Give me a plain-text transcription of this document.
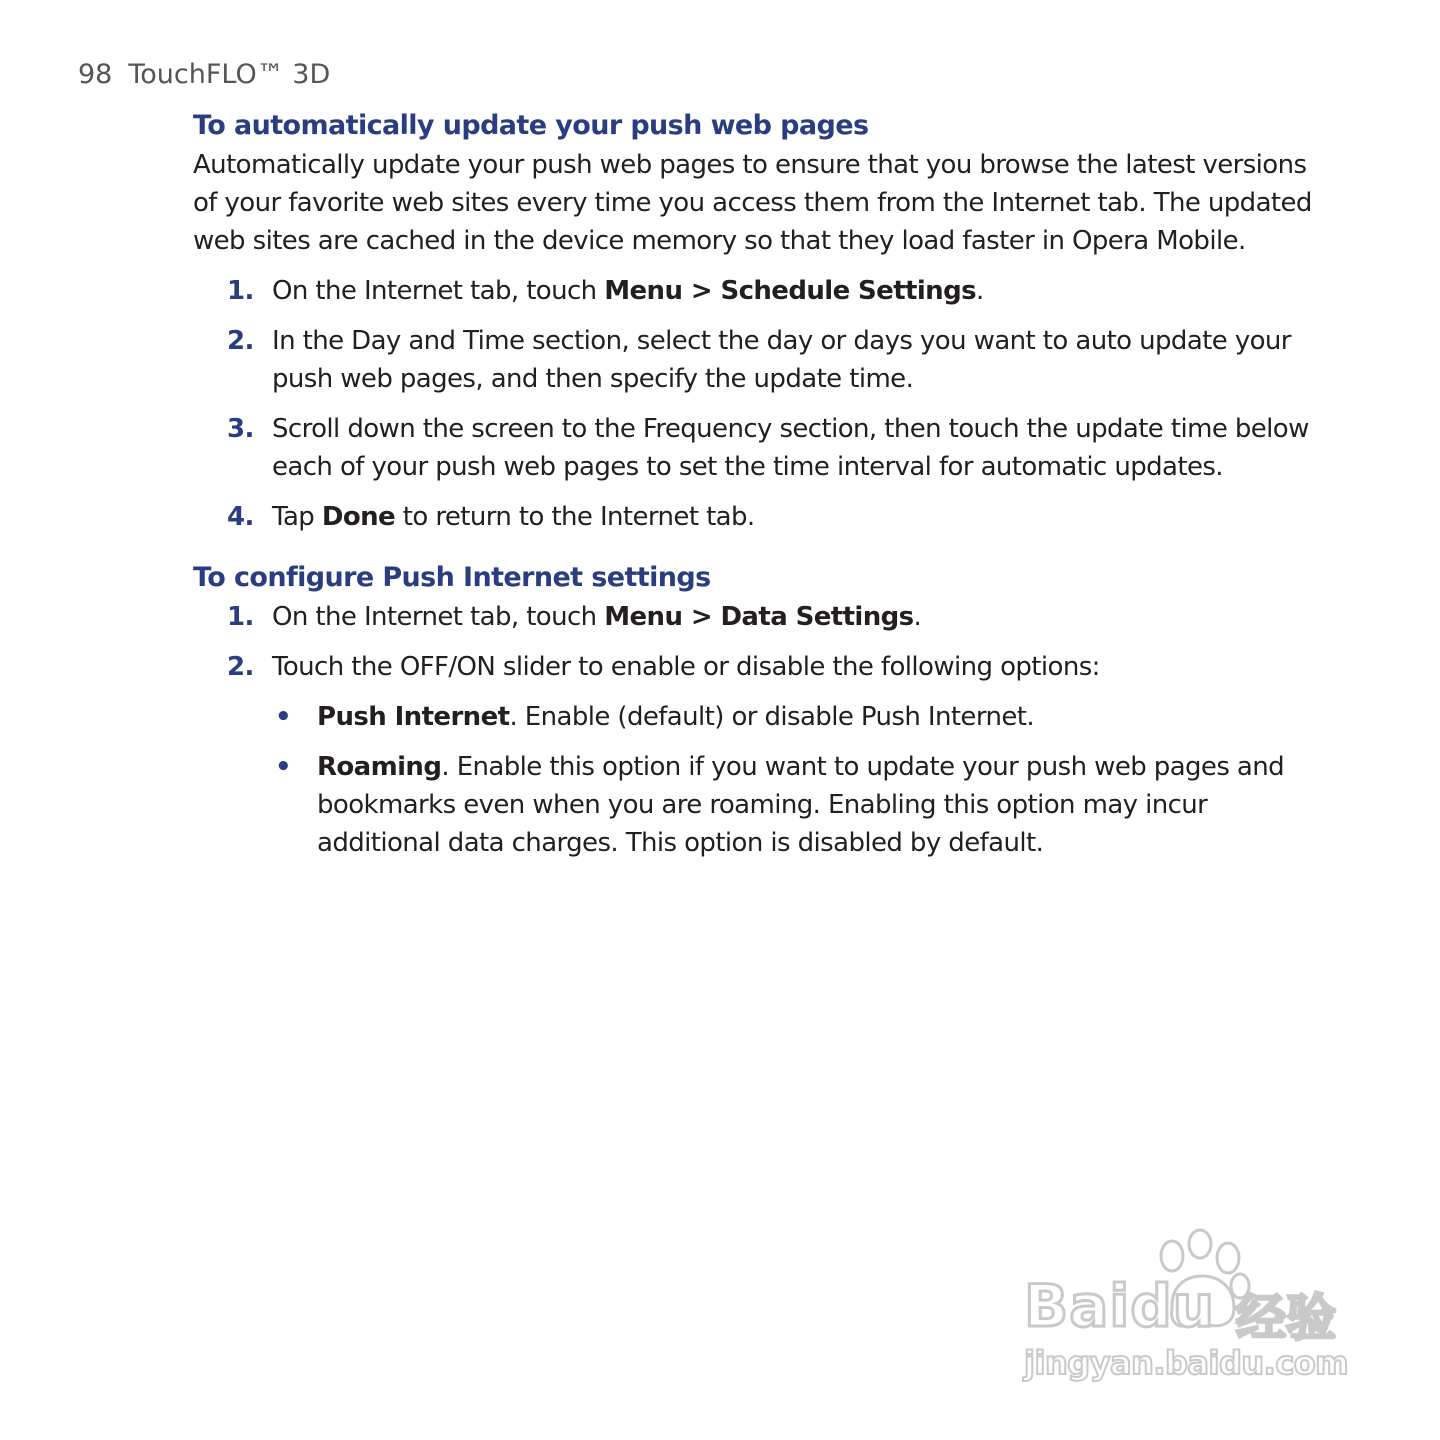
98 TouchFLO™ 3D
To automatically update your push web pages

Automatically update your push web pages to ensure that you browse the latest versions of your favorite web sites every time you access them from the Internet tab. The updated web sites are cached in the device memory so that they load faster in Opera Mobile.

1. On the Internet tab, touch Menu > Schedule Settings.
2. In the Day and Time section, select the day or days you want to auto update your push web pages, and then specify the update time.
3. Scroll down the screen to the Frequency section, then touch the update time below each of your push web pages to set the time interval for automatic updates.
4. Tap Done to return to the Internet tab.
To configure Push Internet settings
1. On the Internet tab, touch Menu > Data Settings.
2. Touch the OFF/ON slider to enable or disable the following options:
• Push Internet. Enable (default) or disable Push Internet.
• Roaming. Enable this option if you want to update your push web pages and bookmarks even when you are roaming. Enabling this option may incur additional data charges. This option is disabled by default.
Baidu 经验
jingyan.baidu.com
